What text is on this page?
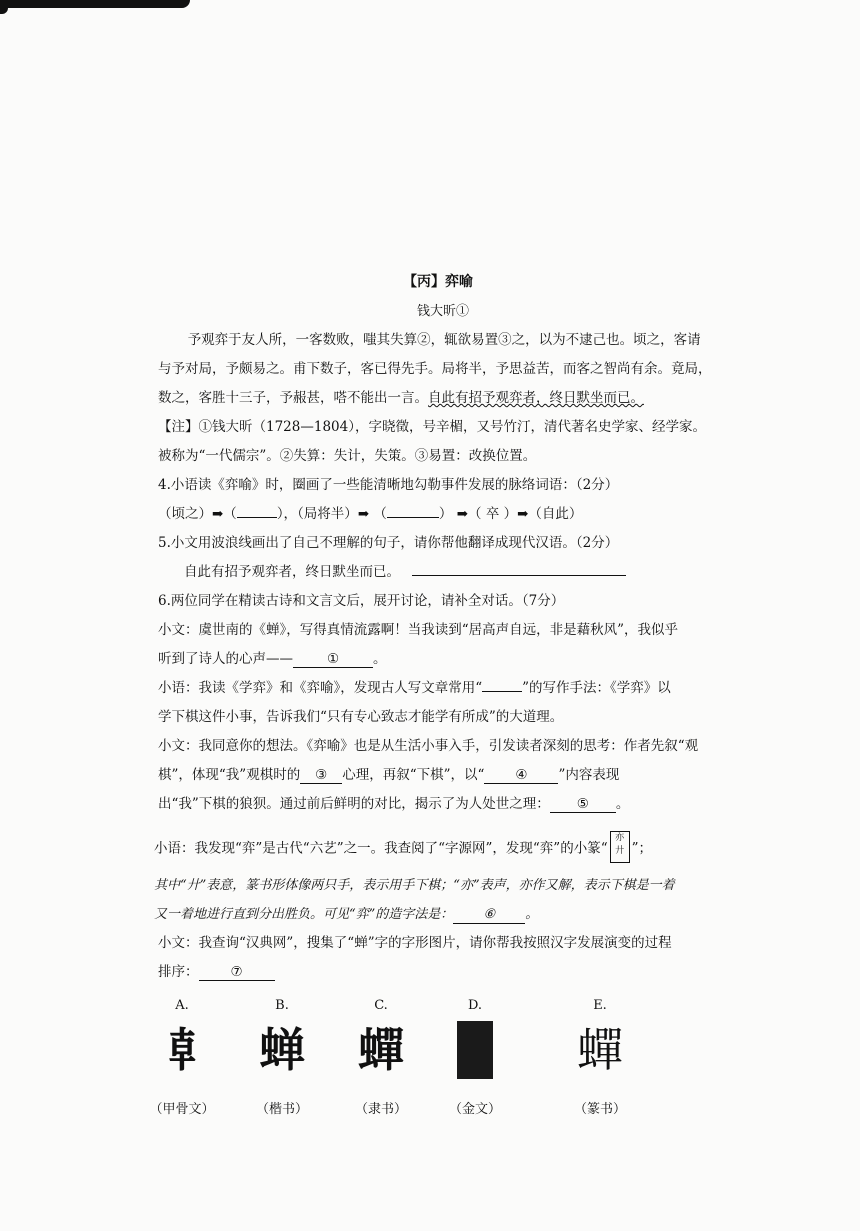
【丙】弈喻
钱大昕①
予观弈于友人所，一客数败，嗤其失算②，辄欲易置③之，以为不逮己也。顷之，客请
与予对局，予颇易之。甫下数子，客已得先手。局将半，予思益苦，而客之智尚有余。竟局，
数之，客胜十三子，予赧甚，嗒不能出一言。自此有招予观弈者，终日默坐而已。
【注】①钱大昕（1728—1804），字晓徵，号辛楣，又号竹汀，清代著名史学家、经学家。
被称为“一代儒宗”。②失算：失计，失策。③易置：改换位置。
4.小语读《弈喻》时，圈画了一些能清晰地勾勒事件发展的脉络词语：（2分）
（顷之）➡（	），（局将半）➡ （	） ➡（ 卒 ）➡（自此）
5.小文用波浪线画出了自己不理解的句子，请你帮他翻译成现代汉语。（2分）
自此有招予观弈者，终日默坐而已。
6.两位同学在精读古诗和文言文后，展开讨论，请补全对话。（7分）
小文：虞世南的《蝉》，写得真情流露啊！当我读到“居高声自远，非是藉秋风”，我似乎
听到了诗人的心声——	①	。
小语：我读《学弈》和《弈喻》，发现古人写文章常用“	”的写作手法：《学弈》以
学下棋这件小事，告诉我们“只有专心致志才能学有所成”的大道理。
小文：我同意你的想法。《弈喻》也是从生活小事入手，引发读者深刻的思考：作者先叙“观
棋”，体现“我”观棋时的 ③ 心理，再叙“下棋”，以“ ④ ”内容表现
出“我”下棋的狼狈。通过前后鲜明的对比，揭示了为人处世之理： ⑤ 。
小语：我发现“弈”是古代“六艺”之一。我查阅了“字源网”，发现“弈”的小篆“亦
廾 ”；
其中“廾”表意，篆书形体像两只手，表示用手下棋；“亦”表声，亦作又解，表示下棋是一着
又一着地进行直到分出胜负。可见“弈”的造字法是： ⑥ 。
小文：我查询“汉典网”，搜集了“蝉”字的字形图片，请你帮我按照汉字发展演变的过程
排序： ⑦
A.
𠦝
（甲骨文）
B.
蝉
（楷书）
C.
蟬
（隶书）
D.
（金文）
E.
蟬
（篆书）
